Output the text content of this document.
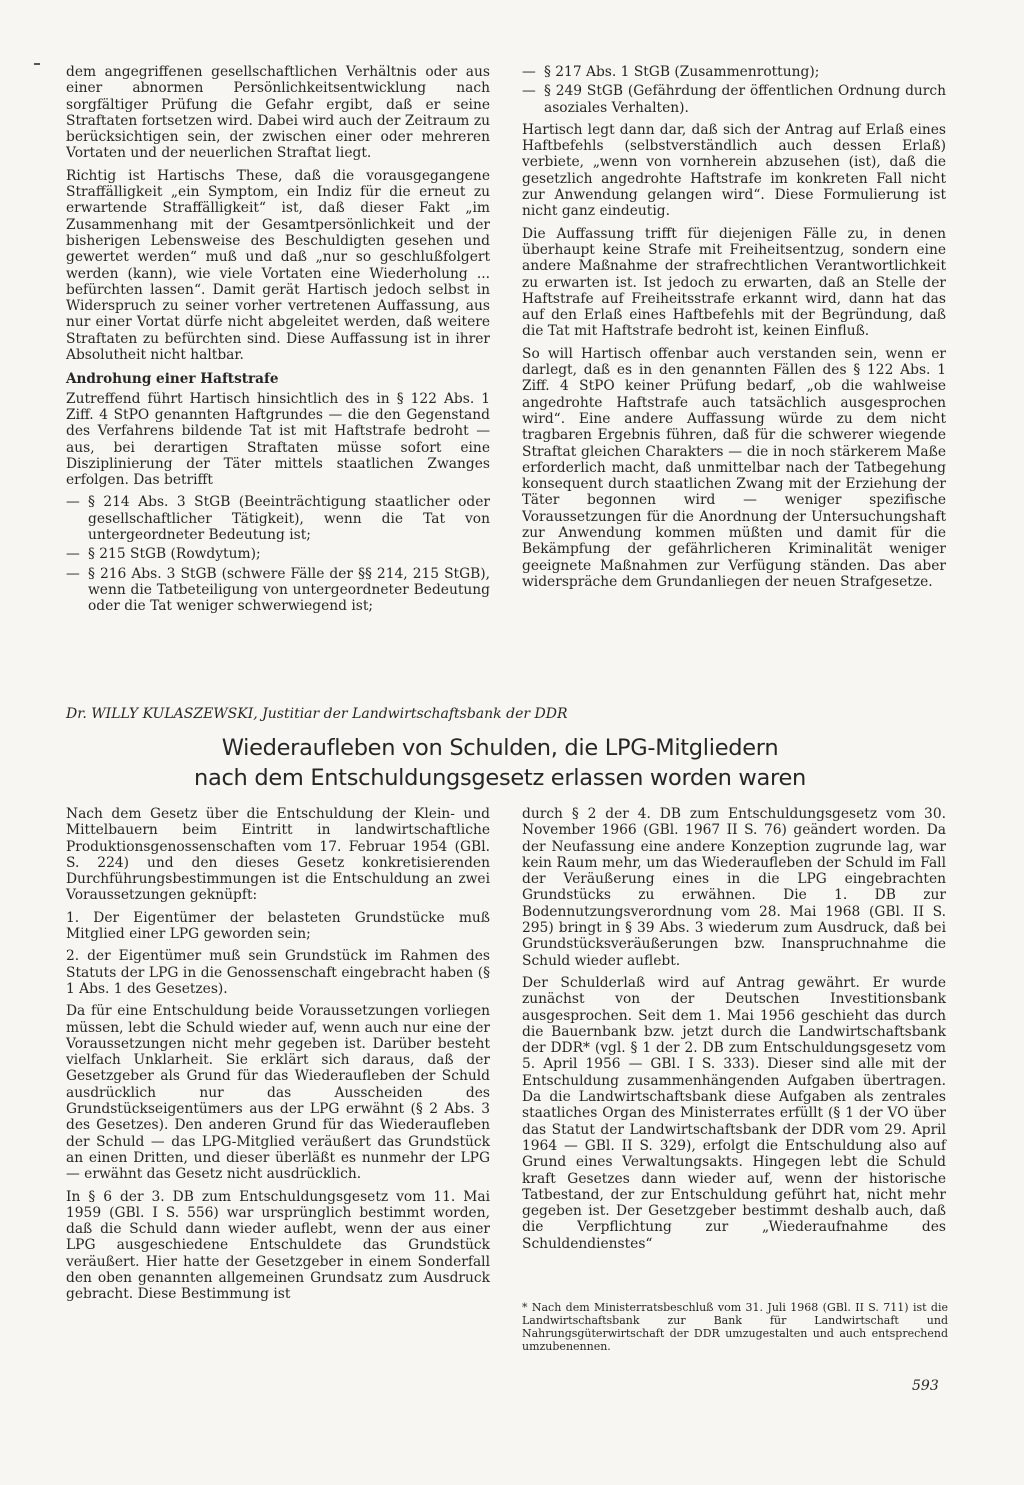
dem angegriffenen gesellschaftlichen Verhältnis oder aus einer abnormen Persönlichkeitsentwicklung nach sorgfältiger Prüfung die Gefahr ergibt, daß er seine Straftaten fortsetzen wird. Dabei wird auch der Zeitraum zu berücksichtigen sein, der zwischen einer oder mehreren Vortaten und der neuerlichen Straftat liegt.

Richtig ist Hartischs These, daß die vorausgegangene Straffälligkeit „ein Symptom, ein Indiz für die erneut zu erwartende Straffälligkeit“ ist, daß dieser Fakt „im Zusammenhang mit der Gesamtpersönlichkeit und der bisherigen Lebensweise des Beschuldigten gesehen und gewertet werden“ muß und daß „nur so geschlußfolgert werden (kann), wie viele Vortaten eine Wiederholung ... befürchten lassen“. Damit gerät Hartisch jedoch selbst in Widerspruch zu seiner vorher vertretenen Auffassung, aus nur einer Vortat dürfe nicht abgeleitet werden, daß weitere Straftaten zu befürchten sind. Diese Auffassung ist in ihrer Absolutheit nicht haltbar.

Androhung einer Haftstrafe

Zutreffend führt Hartisch hinsichtlich des in § 122 Abs. 1 Ziff. 4 StPO genannten Haftgrundes — die den Gegenstand des Verfahrens bildende Tat ist mit Haftstrafe bedroht — aus, bei derartigen Straftaten müsse sofort eine Disziplinierung der Täter mittels staatlichen Zwanges erfolgen. Das betrifft

— § 214 Abs. 3 StGB (Beeinträchtigung staatlicher oder gesellschaftlicher Tätigkeit), wenn die Tat von untergeordneter Bedeutung ist;
— § 215 StGB (Rowdytum);
— § 216 Abs. 3 StGB (schwere Fälle der §§ 214, 215 StGB), wenn die Tatbeteiligung von untergeordneter Bedeutung oder die Tat weniger schwerwiegend ist;
— § 217 Abs. 1 StGB (Zusammenrottung);
— § 249 StGB (Gefährdung der öffentlichen Ordnung durch asoziales Verhalten).

Hartisch legt dann dar, daß sich der Antrag auf Erlaß eines Haftbefehls (selbstverständlich auch dessen Erlaß) verbiete, „wenn von vornherein abzusehen (ist), daß die gesetzlich angedrohte Haftstrafe im konkreten Fall nicht zur Anwendung gelangen wird“. Diese Formulierung ist nicht ganz eindeutig.

Die Auffassung trifft für diejenigen Fälle zu, in denen überhaupt keine Strafe mit Freiheitsentzug, sondern eine andere Maßnahme der strafrechtlichen Verantwortlichkeit zu erwarten ist. Ist jedoch zu erwarten, daß an Stelle der Haftstrafe auf Freiheitsstrafe erkannt wird, dann hat das auf den Erlaß eines Haftbefehls mit der Begründung, daß die Tat mit Haftstrafe bedroht ist, keinen Einfluß.

So will Hartisch offenbar auch verstanden sein, wenn er darlegt, daß es in den genannten Fällen des § 122 Abs. 1 Ziff. 4 StPO keiner Prüfung bedarf, „ob die wahlweise angedrohte Haftstrafe auch tatsächlich ausgesprochen wird“. Eine andere Auffassung würde zu dem nicht tragbaren Ergebnis führen, daß für die schwerer wiegende Straftat gleichen Charakters — die in noch stärkerem Maße erforderlich macht, daß unmittelbar nach der Tatbegehung konsequent durch staatlichen Zwang mit der Erziehung der Täter begonnen wird — weniger spezifische Voraussetzungen für die Anordnung der Untersuchungshaft zur Anwendung kommen müßten und damit für die Bekämpfung der gefährlicheren Kriminalität weniger geeignete Maßnahmen zur Verfügung ständen. Das aber widerspräche dem Grundanliegen der neuen Strafgesetze.

Dr. WILLY KULASZEWSKI, Justitiar der Landwirtschaftsbank der DDR
Wiederaufleben von Schulden, die LPG-Mitgliedern
nach dem Entschuldungsgesetz erlassen worden waren

Nach dem Gesetz über die Entschuldung der Klein- und Mittelbauern beim Eintritt in landwirtschaftliche Produktionsgenossenschaften vom 17. Februar 1954 (GBl. S. 224) und den dieses Gesetz konkretisierenden Durchführungsbestimmungen ist die Entschuldung an zwei Voraussetzungen geknüpft:

1. Der Eigentümer der belasteten Grundstücke muß Mitglied einer LPG geworden sein;

2. der Eigentümer muß sein Grundstück im Rahmen des Statuts der LPG in die Genossenschaft eingebracht haben (§ 1 Abs. 1 des Gesetzes).

Da für eine Entschuldung beide Voraussetzungen vorliegen müssen, lebt die Schuld wieder auf, wenn auch nur eine der Voraussetzungen nicht mehr gegeben ist. Darüber besteht vielfach Unklarheit. Sie erklärt sich daraus, daß der Gesetzgeber als Grund für das Wiederaufleben der Schuld ausdrücklich nur das Ausscheiden des Grundstückseigentümers aus der LPG erwähnt (§ 2 Abs. 3 des Gesetzes). Den anderen Grund für das Wiederaufleben der Schuld — das LPG-Mitglied veräußert das Grundstück an einen Dritten, und dieser überläßt es nunmehr der LPG — erwähnt das Gesetz nicht ausdrücklich.

In § 6 der 3. DB zum Entschuldungsgesetz vom 11. Mai 1959 (GBl. I S. 556) war ursprünglich bestimmt worden, daß die Schuld dann wieder auflebt, wenn der aus einer LPG ausgeschiedene Entschuldete das Grundstück veräußert. Hier hatte der Gesetzgeber in einem Sonderfall den oben genannten allgemeinen Grundsatz zum Ausdruck gebracht. Diese Bestimmung ist

durch § 2 der 4. DB zum Entschuldungsgesetz vom 30. November 1966 (GBl. 1967 II S. 76) geändert worden. Da der Neufassung eine andere Konzeption zugrunde lag, war kein Raum mehr, um das Wiederaufleben der Schuld im Fall der Veräußerung eines in die LPG eingebrachten Grundstücks zu erwähnen. Die 1. DB zur Bodennutzungsverordnung vom 28. Mai 1968 (GBl. II S. 295) bringt in § 39 Abs. 3 wiederum zum Ausdruck, daß bei Grundstücksveräußerungen bzw. Inanspruchnahme die Schuld wieder auflebt.

Der Schulderlaß wird auf Antrag gewährt. Er wurde zunächst von der Deutschen Investitionsbank ausgesprochen. Seit dem 1. Mai 1956 geschieht das durch die Bauernbank bzw. jetzt durch die Landwirtschaftsbank der DDR* (vgl. § 1 der 2. DB zum Entschuldungsgesetz vom 5. April 1956 — GBl. I S. 333). Dieser sind alle mit der Entschuldung zusammenhängenden Aufgaben übertragen. Da die Landwirtschaftsbank diese Aufgaben als zentrales staatliches Organ des Ministerrates erfüllt (§ 1 der VO über das Statut der Landwirtschaftsbank der DDR vom 29. April 1964 — GBl. II S. 329), erfolgt die Entschuldung also auf Grund eines Verwaltungsakts. Hingegen lebt die Schuld kraft Gesetzes dann wieder auf, wenn der historische Tatbestand, der zur Entschuldung geführt hat, nicht mehr gegeben ist. Der Gesetzgeber bestimmt deshalb auch, daß die Verpflichtung zur „Wiederaufnahme des Schuldendienstes“

* Nach dem Ministerratsbeschluß vom 31. Juli 1968 (GBl. II S. 711) ist die Landwirtschaftsbank zur Bank für Landwirtschaft und Nahrungsgüterwirtschaft der DDR umzugestalten und auch entsprechend umzubenennen.
593
